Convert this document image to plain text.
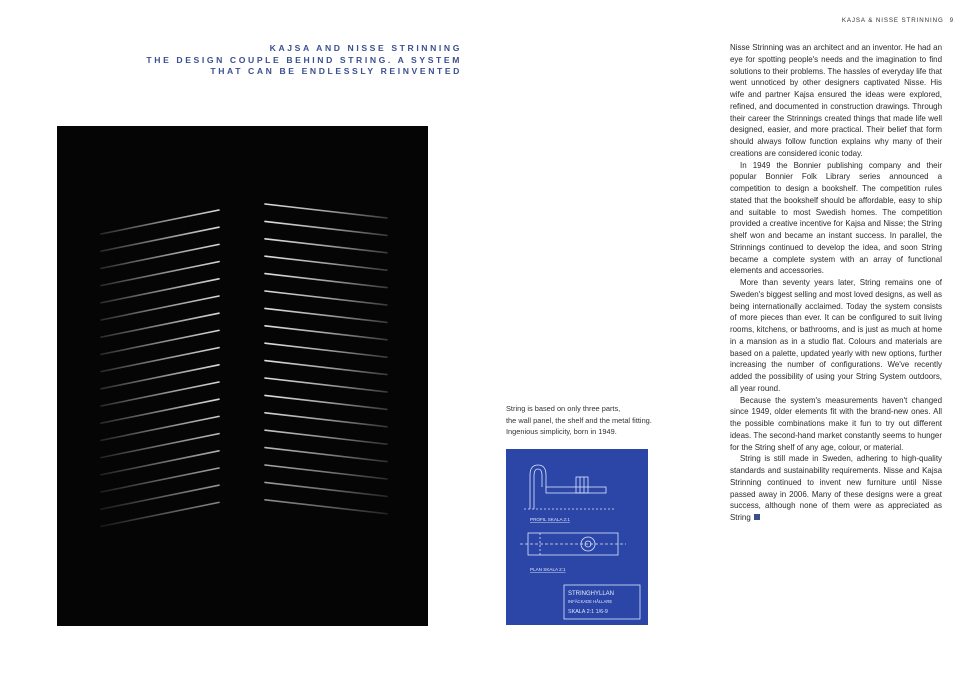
KAJSA & NISSE STRINNING 9
KAJSA AND NISSE STRINNING
THE DESIGN COUPLE BEHIND STRING. A SYSTEM
THAT CAN BE ENDLESSLY REINVENTED
String is based on only three parts,
the wall panel, the shelf and the metal fitting.
Ingenious simplicity, born in 1949.
PROFIL SKALA 2:1
PLAN SKALA 2:1
STRINGHYLLAN
INFÄCKADE HÅLLARE
SKALA 2:1 1/6-9

Nisse Strinning was an architect and an inventor. He had an eye for spotting people's needs and the imagination to find solutions to their problems. The hassles of everyday life that went unnoticed by other designers captivated Nisse. His wife and partner Kajsa ensured the ideas were explored, refined, and documented in construction drawings. Through their career the Strinnings created things that made life well designed, easier, and more practical. Their belief that form should always follow function explains why many of their creations are considered iconic today.

In 1949 the Bonnier publishing company and their popular Bonnier Folk Library series announced a competition to design a bookshelf. The competition rules stated that the bookshelf should be affordable, easy to ship and suitable to most Swedish homes. The competition provided a creative incentive for Kajsa and Nisse; the String shelf won and became an instant success. In parallel, the Strinnings continued to develop the idea, and soon String became a complete system with an array of functional elements and accessories.

More than seventy years later, String remains one of Sweden's biggest selling and most loved designs, as well as being internationally acclaimed. Today the system consists of more pieces than ever. It can be configured to suit living rooms, kitchens, or bathrooms, and is just as much at home in a mansion as in a studio flat. Colours and materials are based on a palette, updated yearly with new options, further increasing the number of configurations. We've recently added the possibility of using your String System outdoors, all year round.

Because the system's measurements haven't changed since 1949, older elements fit with the brand-new ones. All the possible combinations make it fun to try out different ideas. The second-hand market constantly seems to hunger for the String shelf of any age, colour, or material.

String is still made in Sweden, adhering to high-quality standards and sustainability requirements. Nisse and Kajsa Strinning continued to invent new furniture until Nisse passed away in 2006. Many of these designs were a great success, although none of them were as appreciated as String
